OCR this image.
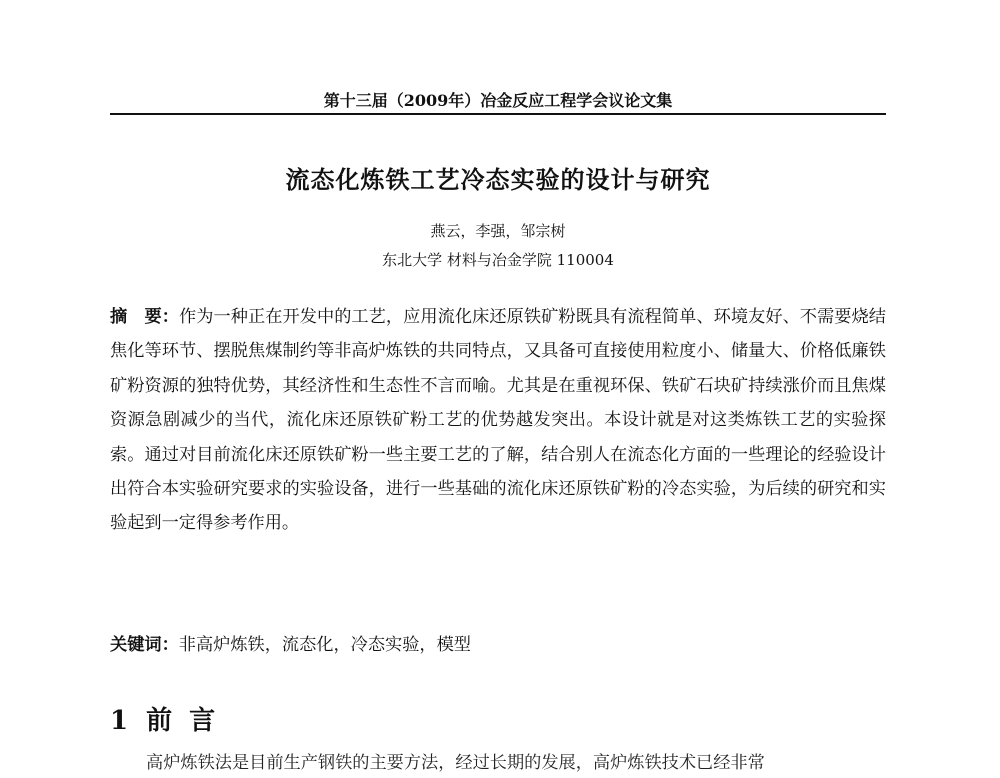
第十三届（2009年）冶金反应工程学会议论文集
流态化炼铁工艺冷态实验的设计与研究
燕云，李强，邹宗树
东北大学 材料与冶金学院 110004
摘　要：作为一种正在开发中的工艺，应用流化床还原铁矿粉既具有流程简单、环境友好、不需要烧结焦化等环节、摆脱焦煤制约等非高炉炼铁的共同特点，又具备可直接使用粒度小、储量大、价格低廉铁矿粉资源的独特优势，其经济性和生态性不言而喻。尤其是在重视环保、铁矿石块矿持续涨价而且焦煤资源急剧减少的当代，流化床还原铁矿粉工艺的优势越发突出。本设计就是对这类炼铁工艺的实验探索。通过对目前流化床还原铁矿粉一些主要工艺的了解，结合别人在流态化方面的一些理论的经验设计出符合本实验研究要求的实验设备，进行一些基础的流化床还原铁矿粉的冷态实验，为后续的研究和实验起到一定得参考作用。
关键词：非高炉炼铁，流态化，冷态实验，模型
1 前 言
高炉炼铁法是目前生产钢铁的主要方法，经过长期的发展，高炉炼铁技术已经非常
